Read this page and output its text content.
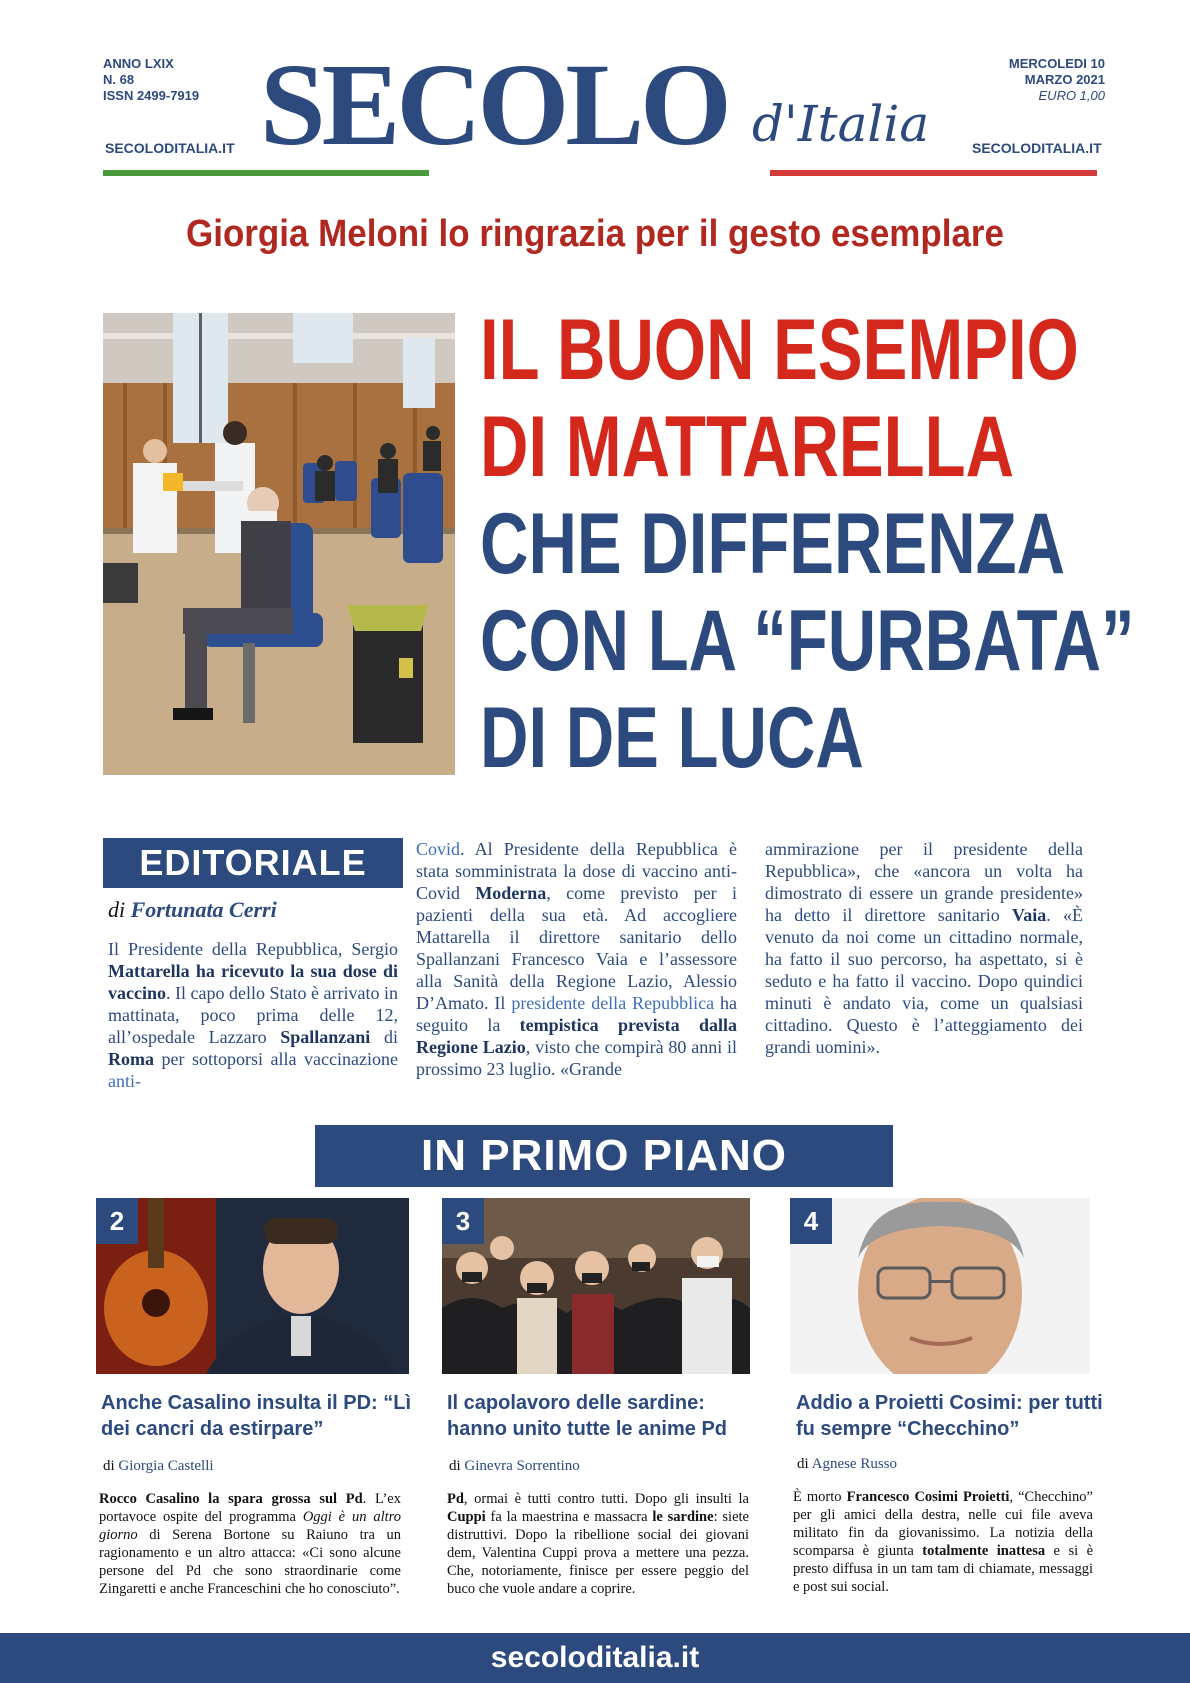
ANNO LXIX
N. 68
ISSN 2499-7919
MERCOLEDI 10
MARZO 2021
EURO 1,00
SECOLODITALIA.IT	SECOLODITALIA.IT
SECOLO d'Italia
Giorgia Meloni lo ringrazia per il gesto esemplare
IL BUON ESEMPIO
DI MATTARELLA
CHE DIFFERENZA
CON LA “FURBATA”
DI DE LUCA
EDITORIALE
di Fortunata Cerri
Il Presidente della Repubblica, Sergio Mattarella ha ricevuto la sua dose di vaccino. Il capo dello Stato è arrivato in mattinata, poco prima delle 12, all’ospedale Lazzaro Spallanzani di Roma per sottoporsi alla vaccinazione anti-
Covid. Al Presidente della Repubblica è stata somministrata la dose di vaccino anti-Covid Moderna, come previsto per i pazienti della sua età. Ad accogliere Mattarella il direttore sanitario dello Spallanzani Francesco Vaia e l’assessore alla Sanità della Regione Lazio, Alessio D’Amato. Il presidente della Repubblica ha seguito la tempistica prevista dalla Regione Lazio, visto che compirà 80 anni il prossimo 23 luglio. «Grande
ammirazione per il presidente della Repubblica», che «ancora un volta ha dimostrato di essere un grande presidente» ha detto il direttore sanitario Vaia. «È venuto da noi come un cittadino normale, ha fatto il suo percorso, ha aspettato, si è seduto e ha fatto il vaccino. Dopo quindici minuti è andato via, come un qualsiasi cittadino. Questo è l’atteggiamento dei grandi uomini».
IN PRIMO PIANO
2
Anche Casalino insulta il PD: “Lì dei cancri da estirpare”
di Giorgia Castelli
Rocco Casalino la spara grossa sul Pd. L’ex portavoce ospite del programma Oggi è un altro giorno di Serena Bortone su Raiuno tra un ragionamento e un altro attacca: «Ci sono alcune persone del Pd che sono straordinarie come Zingaretti e anche Franceschini che ho conosciuto”.
3
Il capolavoro delle sardine: hanno unito tutte le anime Pd
di Ginevra Sorrentino
Pd, ormai è tutti contro tutti. Dopo gli insulti la Cuppi fa la maestrina e massacra le sardine: siete distruttivi. Dopo la ribellione social dei giovani dem, Valentina Cuppi prova a mettere una pezza. Che, notoriamente, finisce per essere peggio del buco che vuole andare a coprire.
4
Addio a Proietti Cosimi: per tutti fu sempre “Checchino”
di Agnese Russo
È morto Francesco Cosimi Proietti, “Checchino” per gli amici della destra, nelle cui file aveva militato fin da giovanissimo. La notizia della scomparsa è giunta totalmente inattesa e si è presto diffusa in un tam tam di chiamate, messaggi e post sui social.
secoloditalia.it
